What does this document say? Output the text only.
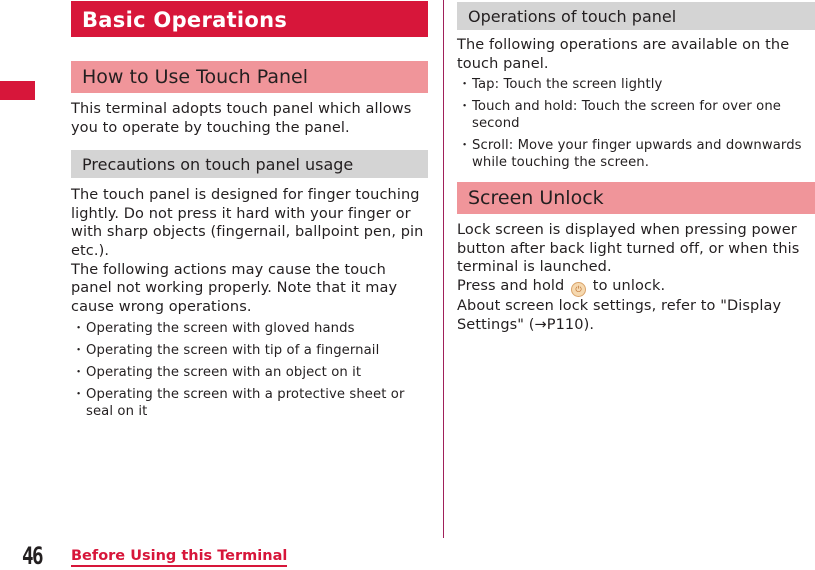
Basic Operations
How to Use Touch Panel
This terminal adopts touch panel which allows you to operate by touching the panel.
Precautions on touch panel usage
The touch panel is designed for finger touching lightly. Do not press it hard with your finger or with sharp objects (fingernail, ballpoint pen, pin etc.).
The following actions may cause the touch panel not working properly. Note that it may cause wrong operations.
・ Operating the screen with gloved hands
・ Operating the screen with tip of a fingernail
・ Operating the screen with an object on it
・ Operating the screen with a protective sheet or seal on it
Operations of touch panel
The following operations are available on the touch panel.
・ Tap: Touch the screen lightly
・ Touch and hold: Touch the screen for over one second
・ Scroll: Move your finger upwards and downwards while touching the screen.
Screen Unlock
Lock screen is displayed when pressing power button after back light turned off, or when this terminal is launched.
Press and hold ⏻ to unlock.
About screen lock settings, refer to "Display Settings" (→P110).
46 Before Using this Terminal
